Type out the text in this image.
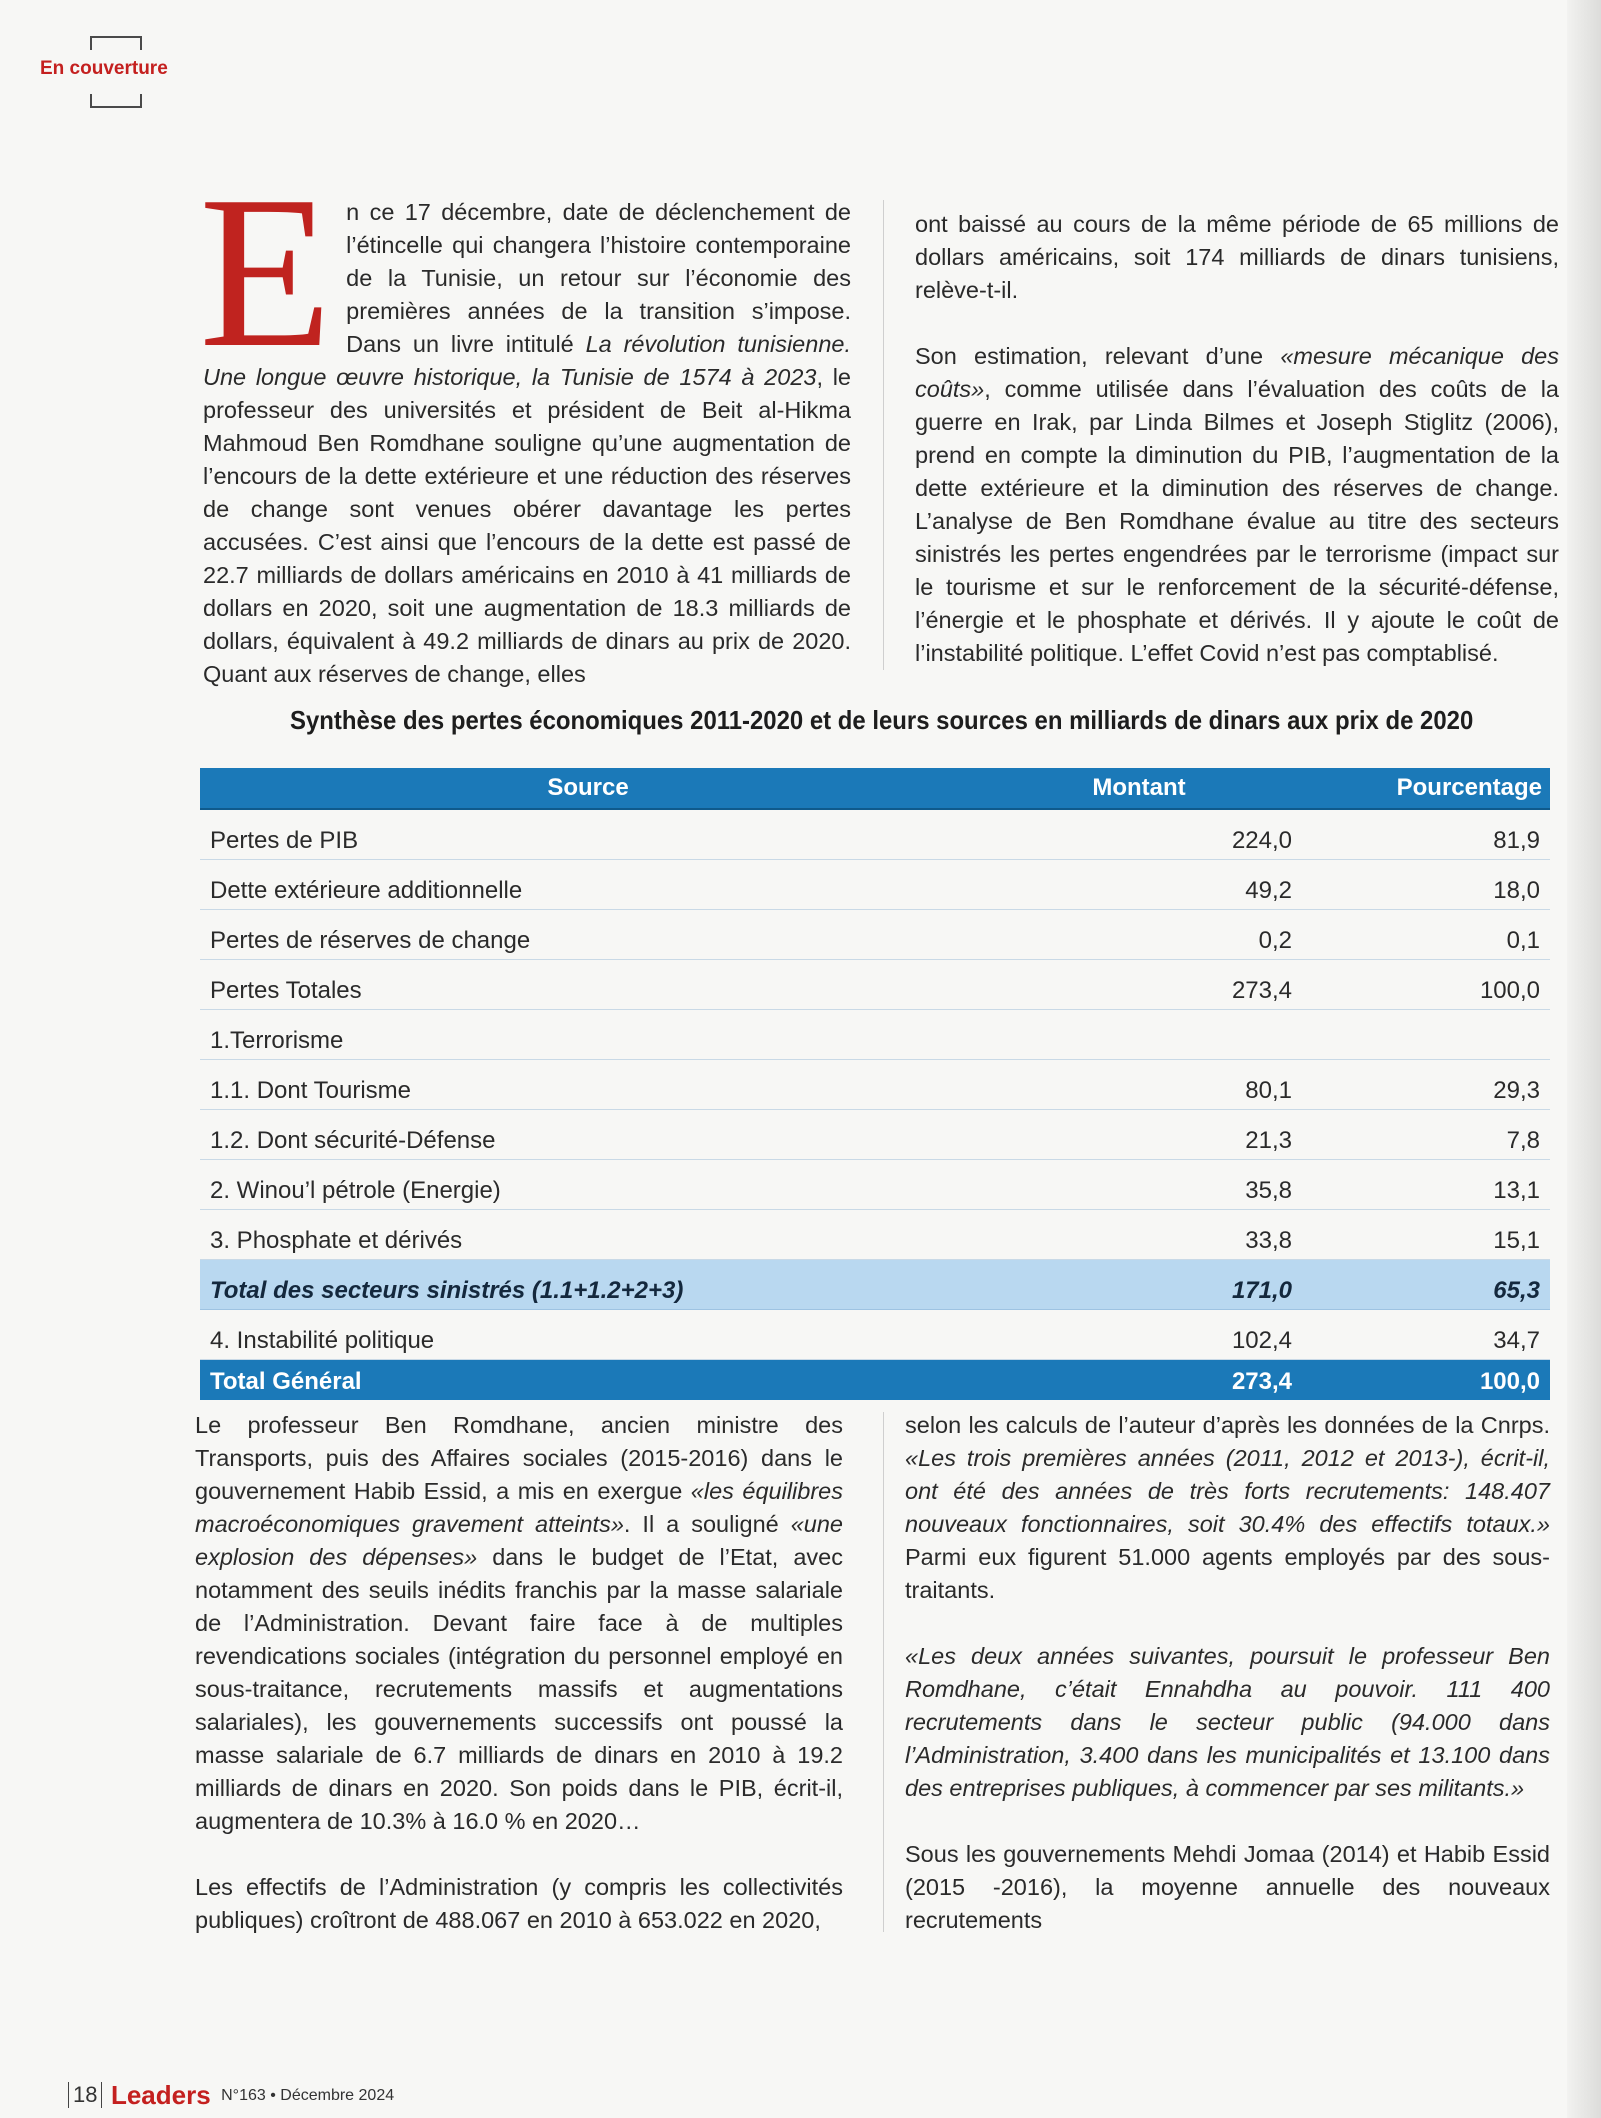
En couverture

En ce 17 décembre, date de déclenchement de l’étincelle qui changera l’histoire contemporaine de la Tunisie, un retour sur l’économie des premières années de la transition s’impose. Dans un livre intitulé La révolution tunisienne. Une longue œuvre historique, la Tunisie de 1574 à 2023, le professeur des universités et président de Beit al-Hikma Mahmoud Ben Romdhane souligne qu’une augmentation de l’encours de la dette extérieure et une réduction des réserves de change sont venues obérer davantage les pertes accusées. C’est ainsi que l’encours de la dette est passé de 22.7 milliards de dollars américains en 2010 à 41 milliards de dollars en 2020, soit une augmentation de 18.3 milliards de dollars, équivalent à 49.2 milliards de dinars au prix de 2020. Quant aux réserves de change, elles

ont baissé au cours de la même période de 65 millions de dollars américains, soit 174 milliards de dinars tunisiens, relève-t-il.

Son estimation, relevant d’une «mesure mécanique des coûts», comme utilisée dans l’évaluation des coûts de la guerre en Irak, par Linda Bilmes et Joseph Stiglitz (2006), prend en compte la diminution du PIB, l’augmentation de la dette extérieure et la diminution des réserves de change. L’analyse de Ben Romdhane évalue au titre des secteurs sinistrés les pertes engendrées par le terrorisme (impact sur le tourisme et sur le renforcement de la sécurité-défense, l’énergie et le phosphate et dérivés. Il y ajoute le coût de l’instabilité politique. L’effet Covid n’est pas comptablisé.

Synthèse des pertes économiques 2011-2020 et de leurs sources en milliards de dinars aux prix de 2020
Source	Montant	Pourcentage
Pertes de PIB	224,0	81,9
Dette extérieure additionnelle	49,2	18,0
Pertes de réserves de change	0,2	0,1
Pertes Totales	273,4	100,0
1.Terrorisme		
1.1. Dont Tourisme	80,1	29,3
1.2. Dont sécurité-Défense	21,3	7,8
2. Winou’l pétrole (Energie)	35,8	13,1
3. Phosphate et dérivés	33,8	15,1
Total des secteurs sinistrés (1.1+1.2+2+3)	171,0	65,3
4. Instabilité politique	102,4	34,7
Total Général	273,4	100,0

Le professeur Ben Romdhane, ancien ministre des Transports, puis des Affaires sociales (2015-2016) dans le gouvernement Habib Essid, a mis en exergue «les équilibres macroéconomiques gravement atteints». Il a souligné «une explosion des dépenses» dans le budget de l’Etat, avec notamment des seuils inédits franchis par la masse salariale de l’Administration. Devant faire face à de multiples revendications sociales (intégration du personnel employé en sous-traitance, recrutements massifs et augmentations salariales), les gouvernements successifs ont poussé la masse salariale de 6.7 milliards de dinars en 2010 à 19.2 milliards de dinars en 2020. Son poids dans le PIB, écrit-il, augmentera de 10.3% à 16.0 % en 2020…

Les effectifs de l’Administration (y compris les collectivités publiques) croîtront de 488.067 en 2010 à 653.022 en 2020,

selon les calculs de l’auteur d’après les données de la Cnrps. «Les trois premières années (2011, 2012 et 2013-), écrit-il, ont été des années de très forts recrutements: 148.407 nouveaux fonctionnaires, soit 30.4% des effectifs totaux.» Parmi eux figurent 51.000 agents employés par des sous-traitants.

«Les deux années suivantes, poursuit le professeur Ben Romdhane, c’était Ennahdha au pouvoir. 111 400 recrutements dans le secteur public (94.000 dans l’Administration, 3.400 dans les municipalités et 13.100 dans des entreprises publiques, à commencer par ses militants.»

Sous les gouvernements Mehdi Jomaa (2014) et Habib Essid (2015 -2016), la moyenne annuelle des nouveaux recrutements

18 Leaders N°163 • Décembre 2024
